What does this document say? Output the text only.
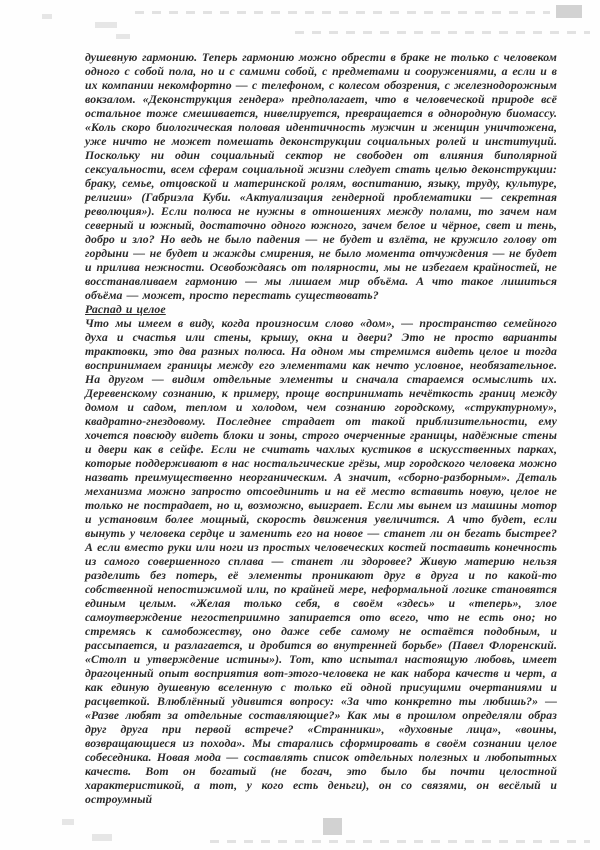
душевную гармонию. Теперь гармонию можно обрести в браке не только с человеком одного с собой пола, но и с самими собой, с предметами и сооружениями, а если и в их компании некомфортно — с телефоном, с колесом обозрения, с железнодорожным вокзалом. «Деконструкция гендера» предполагает, что в человеческой природе всё остальное тоже смешивается, нивелируется, превращается в однородную биомассу. «Коль скоро биологическая половая идентичность мужчин и женщин уничтожена, уже ничто не может помешать деконструкции социальных ролей и институций. Поскольку ни один социальный сектор не свободен от влияния биполярной сексуальности, всем сферам социальной жизни следует стать целью деконструкции: браку, семье, отцовской и материнской ролям, воспитанию, языку, труду, культуре, религии» (Габриэла Куби. «Актуализация гендерной проблематики — секретная революция»). Если полюса не нужны в отношениях между полами, то зачем нам северный и южный, достаточно одного южного, зачем белое и чёрное, свет и тень, добро и зло? Но ведь не было падения — не будет и взлёта, не кружило голову от гордыни — не будет и жажды смирения, не было момента отчуждения — не будет и прилива нежности. Освобождаясь от полярности, мы не избегаем крайностей, не восстанавливаем гармонию — мы лишаем мир объёма. А что такое лишиться объёма — может, просто перестать существовать?

Распад и целое

Что мы имеем в виду, когда произносим слово «дом», — пространство семейного духа и счастья или стены, крышу, окна и двери? Это не просто варианты трактовки, это два разных полюса. На одном мы стремимся видеть целое и тогда воспринимаем границы между его элементами как нечто условное, необязательное. На другом — видим отдельные элементы и сначала стараемся осмыслить их. Деревенскому сознанию, к примеру, проще воспринимать нечёткость границ между домом и садом, теплом и холодом, чем сознанию городскому, «структурному», квадратно-гнездовому. Последнее страдает от такой приблизительности, ему хочется повсюду видеть блоки и зоны, строго очерченные границы, надёжные стены и двери как в сейфе. Если не считать чахлых кустиков в искусственных парках, которые поддерживают в нас ностальгические грёзы, мир городского человека можно назвать преимущественно неорганическим. А значит, «сборно-разборным». Деталь механизма можно запросто отсоединить и на её место вставить новую, целое не только не пострадает, но и, возможно, выиграет. Если мы вынем из машины мотор и установим более мощный, скорость движения увеличится. А что будет, если вынуть у человека сердце и заменить его на новое — станет ли он бегать быстрее? А если вместо руки или ноги из простых человеческих костей поставить конечность из самого совершенного сплава — станет ли здоровее? Живую материю нельзя разделить без потерь, её элементы проникают друг в друга и по какой-то собственной непостижимой или, по крайней мере, неформальной логике становятся единым целым. «Желая только себя, в своём «здесь» и «теперь», злое самоутверждение негостеприимно запирается ото всего, что не есть оно; но стремясь к самобожеству, оно даже себе самому не остаётся подобным, и рассыпается, и разлагается, и дробится во внутренней борьбе» (Павел Флоренский. «Столп и утверждение истины»). Тот, кто испытал настоящую любовь, имеет драгоценный опыт восприятия вот-этого-человека не как набора качеств и черт, а как единую душевную вселенную с только ей одной присущими очертаниями и расцветкой. Влюблённый удивится вопросу: «За что конкретно ты любишь?» — «Разве любят за отдельные составляющие?» Как мы в прошлом определяли образ друг друга при первой встрече? «Странники», «духовные лица», «воины, возвращающиеся из похода». Мы старались сформировать в своём сознании целое собеседника. Новая мода — составлять список отдельных полезных и любопытных качеств. Вот он богатый (не богач, это было бы почти целостной характеристикой, а тот, у кого есть деньги), он со связями, он весёлый и остроумный
